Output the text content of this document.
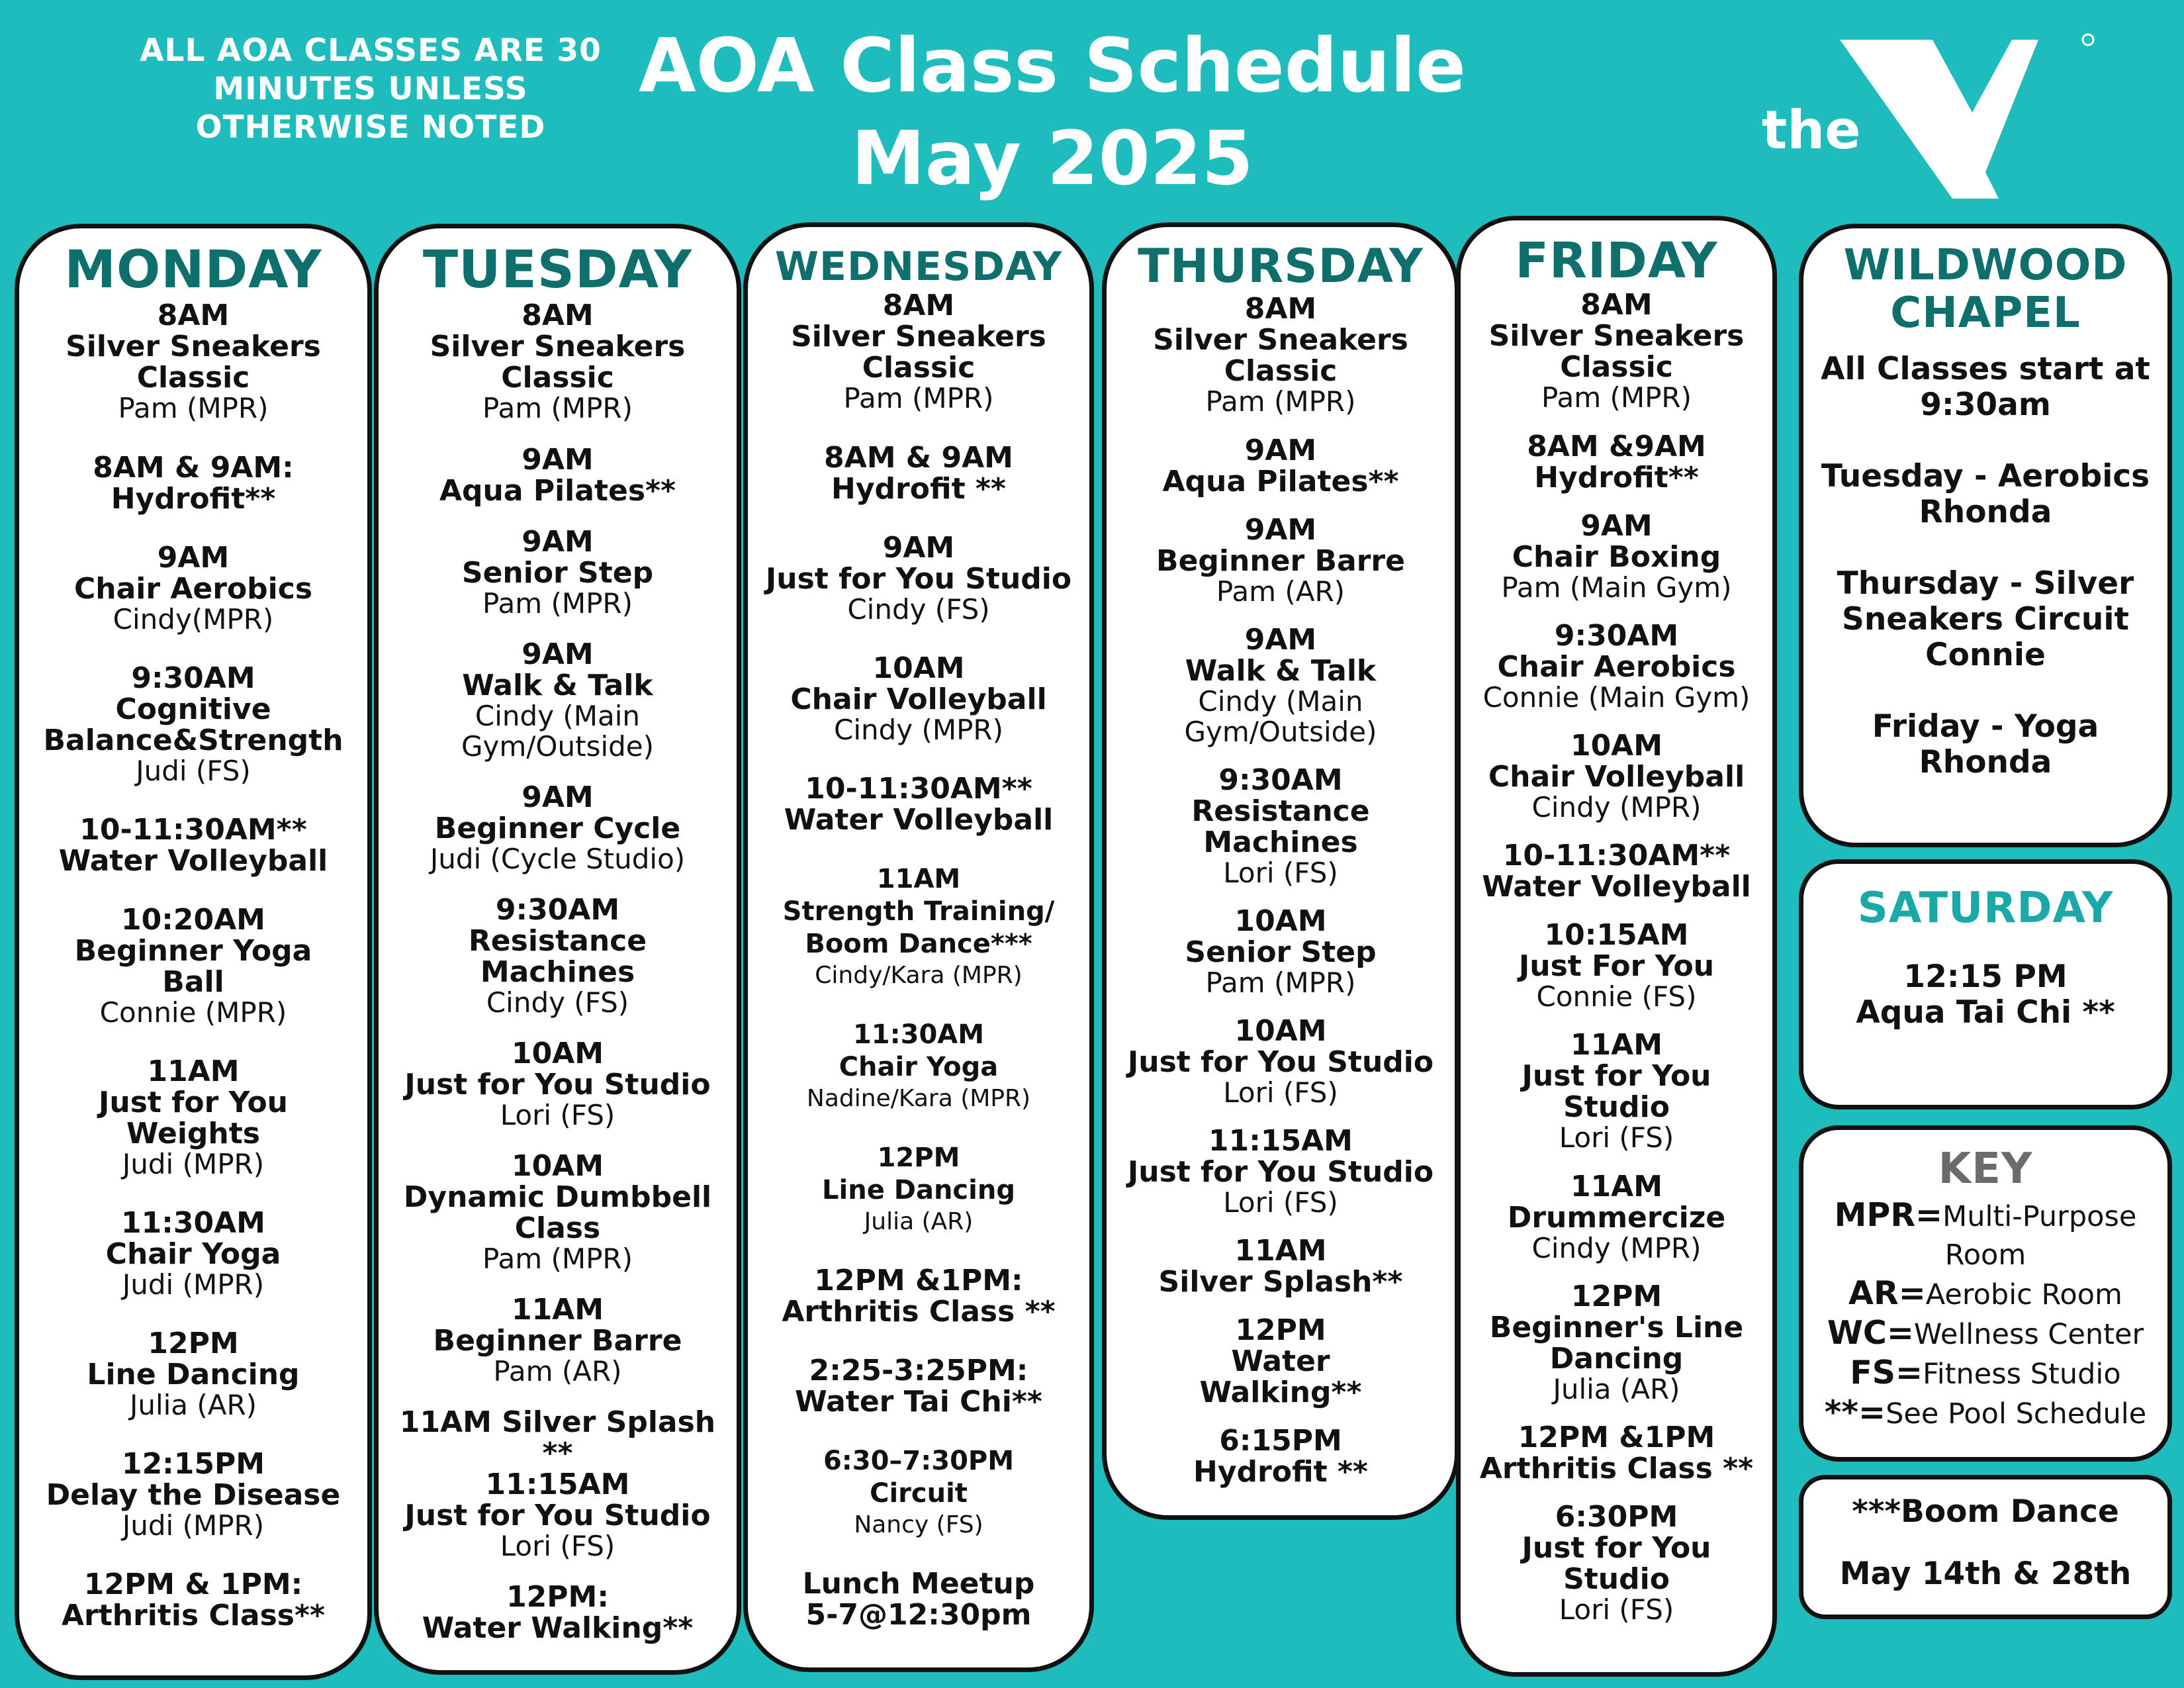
ALL AOA CLASSES ARE 30
MINUTES UNLESS
OTHERWISE NOTED
AOA Class Schedule
May 2025	the
MONDAY
8AM
Silver Sneakers
Classic
Pam (MPR)
8AM & 9AM:
Hydrofit**
9AM
Chair Aerobics
Cindy(MPR)
9:30AM
Cognitive
Balance&Strength
Judi (FS)
10-11:30AM**
Water Volleyball
10:20AM
Beginner Yoga
Ball
Connie (MPR)
11AM
Just for You
Weights
Judi (MPR)
11:30AM
Chair Yoga
Judi (MPR)
12PM
Line Dancing
Julia (AR)
12:15PM
Delay the Disease
Judi (MPR)
12PM & 1PM:
Arthritis Class**
TUESDAY
8AM
Silver Sneakers
Classic
Pam (MPR)
9AM
Aqua Pilates**
9AM
Senior Step
Pam (MPR)
9AM
Walk & Talk
Cindy (Main
Gym/Outside)
9AM
Beginner Cycle
Judi (Cycle Studio)
9:30AM
Resistance Machines
Cindy (FS)
10AM
Just for You Studio
Lori (FS)
10AM
Dynamic Dumbbell
Class
Pam (MPR)
11AM
Beginner Barre
Pam (AR)
11AM Silver Splash
**
11:15AM
Just for You Studio
Lori (FS)
12PM:
Water Walking**
WEDNESDAY
8AM
Silver Sneakers
Classic
Pam (MPR)
8AM & 9AM
Hydrofit **
9AM
Just for You Studio
Cindy (FS)
10AM
Chair Volleyball
Cindy (MPR)
10-11:30AM**
Water Volleyball
11AM
Strength Training/
Boom Dance***
Cindy/Kara (MPR)
11:30AM
Chair Yoga
Nadine/Kara (MPR)
12PM
Line Dancing
Julia (AR)
12PM &1PM:
Arthritis Class **
2:25-3:25PM:
Water Tai Chi**
6:30–7:30PM
Circuit
Nancy (FS)
Lunch Meetup
5-7@12:30pm
THURSDAY
8AM
Silver Sneakers
Classic
Pam (MPR)
9AM
Aqua Pilates**
9AM
Beginner Barre
Pam (AR)
9AM
Walk & Talk
Cindy (Main Gym/Outside)
9:30AM
Resistance
Machines
Lori (FS)
10AM
Senior Step
Pam (MPR)
10AM
Just for You Studio
Lori (FS)
11:15AM
Just for You Studio
Lori (FS)
11AM
Silver Splash**
12PM
Water
Walking**
6:15PM
Hydrofit **
FRIDAY
8AM
Silver Sneakers
Classic
Pam (MPR)
8AM &9AM
Hydrofit**
9AM
Chair Boxing
Pam (Main Gym)
9:30AM
Chair Aerobics
Connie (Main Gym)
10AM
Chair Volleyball
Cindy (MPR)
10-11:30AM**
Water Volleyball
10:15AM
Just For You
Connie (FS)
11AM
Just for You
Studio
Lori (FS)
11AM
Drummercize
Cindy (MPR)
12PM
Beginner's Line
Dancing
Julia (AR)
12PM &1PM
Arthritis Class **
6:30PM
Just for You
Studio
Lori (FS)
WILDWOOD
CHAPEL
All Classes start at
9:30am
Tuesday - Aerobics
Rhonda
Thursday - Silver
Sneakers Circuit
Connie
Friday - Yoga
Rhonda
SATURDAY
12:15 PM
Aqua Tai Chi **
KEY
MPR= Multi-Purpose
Room
AR= Aerobic Room
WC= Wellness Center
FS= Fitness Studio
**= See Pool Schedule
***Boom Dance
May 14th & 28th
